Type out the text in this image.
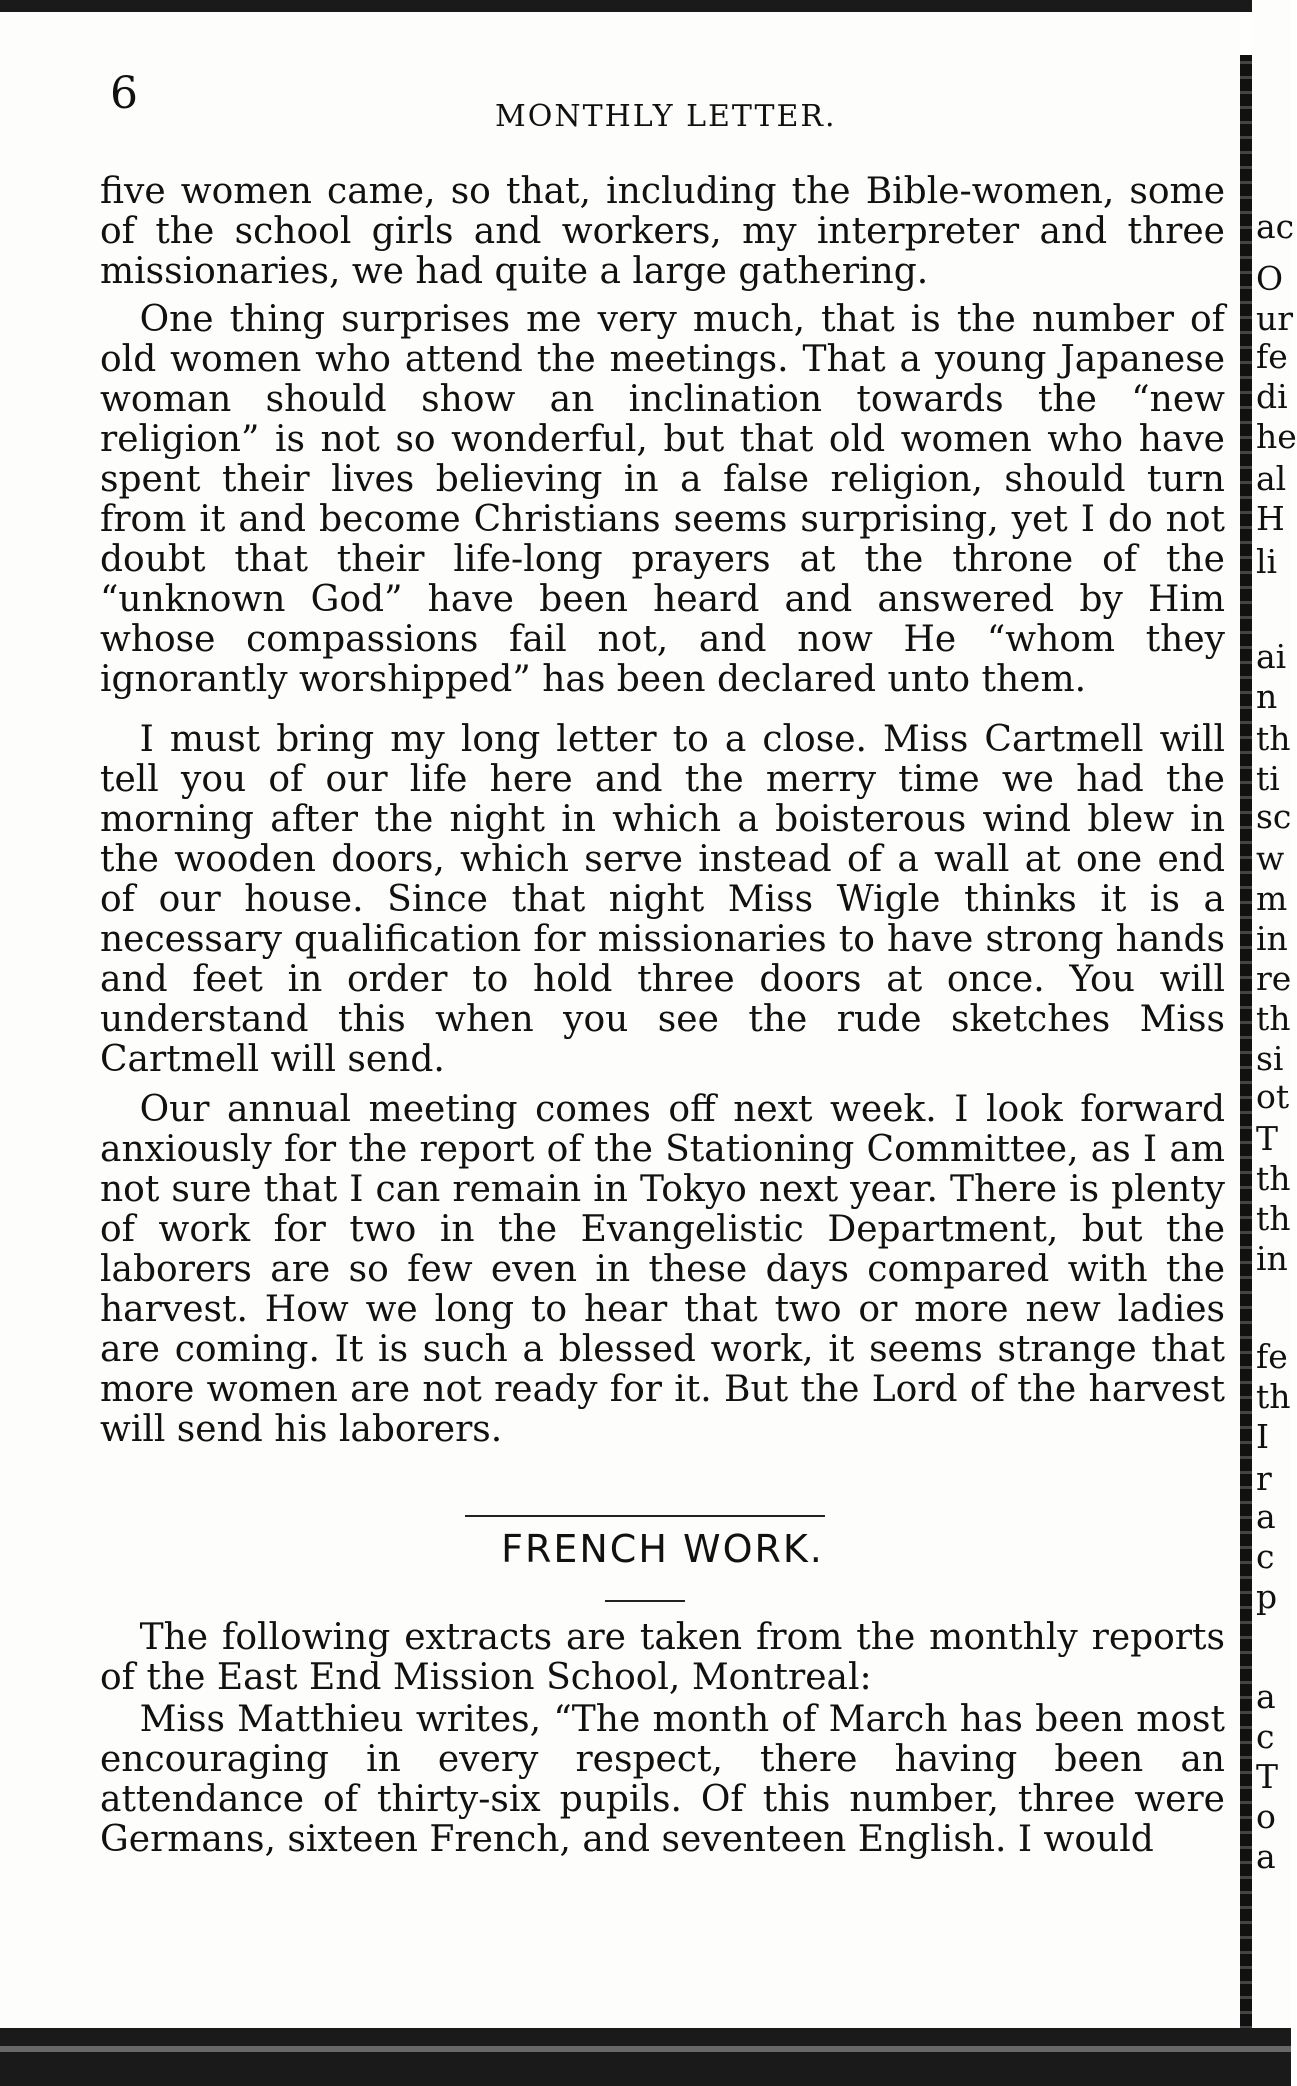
6	MONTHLY LETTER.

five women came, so that, including the Bible-women, some of the school girls and workers, my interpreter and three missionaries, we had quite a large gathering.

One thing surprises me very much, that is the number of old women who attend the meetings. That a young Japanese woman should show an inclination towards the “new religion” is not so wonderful, but that old women who have spent their lives believing in a false religion, should turn from it and become Christians seems surprising, yet I do not doubt that their life-long prayers at the throne of the “unknown God” have been heard and answered by Him whose compassions fail not, and now He “whom they ignorantly worshipped” has been declared unto them.

I must bring my long letter to a close. Miss Cartmell will tell you of our life here and the merry time we had the morning after the night in which a boisterous wind blew in the wooden doors, which serve instead of a wall at one end of our house. Since that night Miss Wigle thinks it is a necessary qualification for missionaries to have strong hands and feet in order to hold three doors at once. You will understand this when you see the rude sketches Miss Cartmell will send.

Our annual meeting comes off next week. I look forward anxiously for the report of the Stationing Committee, as I am not sure that I can remain in Tokyo next year. There is plenty of work for two in the Evangelistic Department, but the laborers are so few even in these days compared with the harvest. How we long to hear that two or more new ladies are coming. It is such a blessed work, it seems strange that more women are not ready for it. But the Lord of the harvest will send his laborers.

FRENCH WORK.

The following extracts are taken from the monthly reports of the East End Mission School, Montreal:

Miss Matthieu writes, “The month of March has been most encouraging in every respect, there having been an attendance of thirty-six pupils. Of this number, three were Germans, sixteen French, and seventeen English. I would

ac
O
ur
fe
di
he
al
H
li
ai
n
th
ti
sc
w
m
in
re
th
si
ot
T
th
th
in
fe
th
I
r
a
c
p
a
c
T
o
a
